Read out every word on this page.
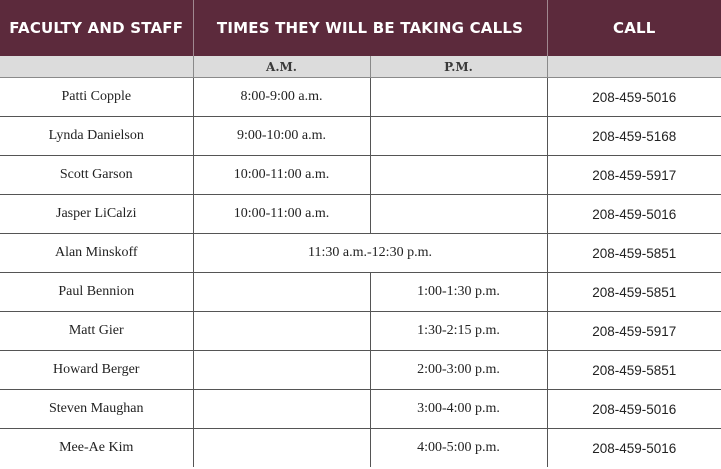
FACULTY AND STAFF	TIMES THEY WILL BE TAKING CALLS		CALL
	A.M.	P.M.	
Patti Copple	8:00-9:00 a.m.		208-459-5016
Lynda Danielson	9:00-10:00 a.m.		208-459-5168
Scott Garson	10:00-11:00 a.m.		208-459-5917
Jasper LiCalzi	10:00-11:00 a.m.		208-459-5016
Alan Minskoff	11:30 a.m.-12:30 p.m.		208-459-5851
Paul Bennion		1:00-1:30 p.m.	208-459-5851
Matt Gier		1:30-2:15 p.m.	208-459-5917
Howard Berger		2:00-3:00 p.m.	208-459-5851
Steven Maughan		3:00-4:00 p.m.	208-459-5016
Mee-Ae Kim		4:00-5:00 p.m.	208-459-5016
